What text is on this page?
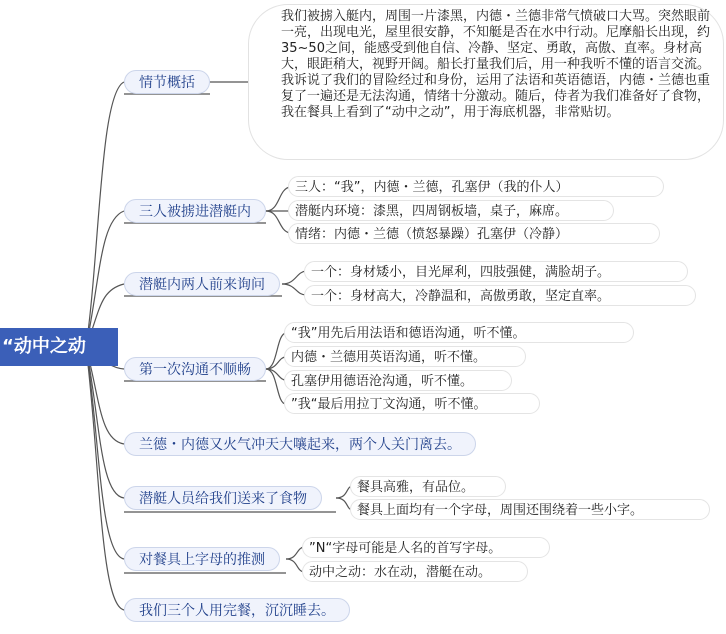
“动中之动
情节概括
我们被掳入艇内，周围一片漆黑，内德・兰德非常气愤破口大骂。突然眼前一亮，出现电光，屋里很安静，不知艇是否在水中行动。尼摩船长出现，约35~50之间，能感受到他自信、冷静、坚定、勇敢，高傲、直率。身材高大，眼距稍大，视野开阔。船长打量我们后，用一种我听不懂的语言交流。我诉说了我们的冒险经过和身份，运用了法语和英语德语，内德・兰德也重复了一遍还是无法沟通，情绪十分激动。随后，侍者为我们准备好了食物，我在餐具上看到了“动中之动”，用于海底机器，非常贴切。
三人被掳进潜艇内
三人：“我”，内德・兰德，孔塞伊（我的仆人）
潜艇内环境：漆黑，四周钢板墙，桌子，麻席。
情绪：内德・兰德（愤怒暴躁）孔塞伊（冷静）
潜艇内两人前来询问
一个：身材矮小，目光犀利，四肢强健，满脸胡子。
一个：身材高大，冷静温和，高傲勇敢，坚定直率。
第一次沟通不顺畅
“我”用先后用法语和德语沟通，听不懂。
内德・兰德用英语沟通，听不懂。
孔塞伊用德语沧沟通，听不懂。
”我“最后用拉丁文沟通，听不懂。
兰德・内德又火气冲天大嚷起来，两个人关门离去。
潜艇人员给我们送来了食物
餐具高雅，有品位。
餐具上面均有一个字母，周围还围绕着一些小字。
对餐具上字母的推测
”N“字母可能是人名的首写字母。
动中之动：水在动，潜艇在动。
我们三个人用完餐，沉沉睡去。
